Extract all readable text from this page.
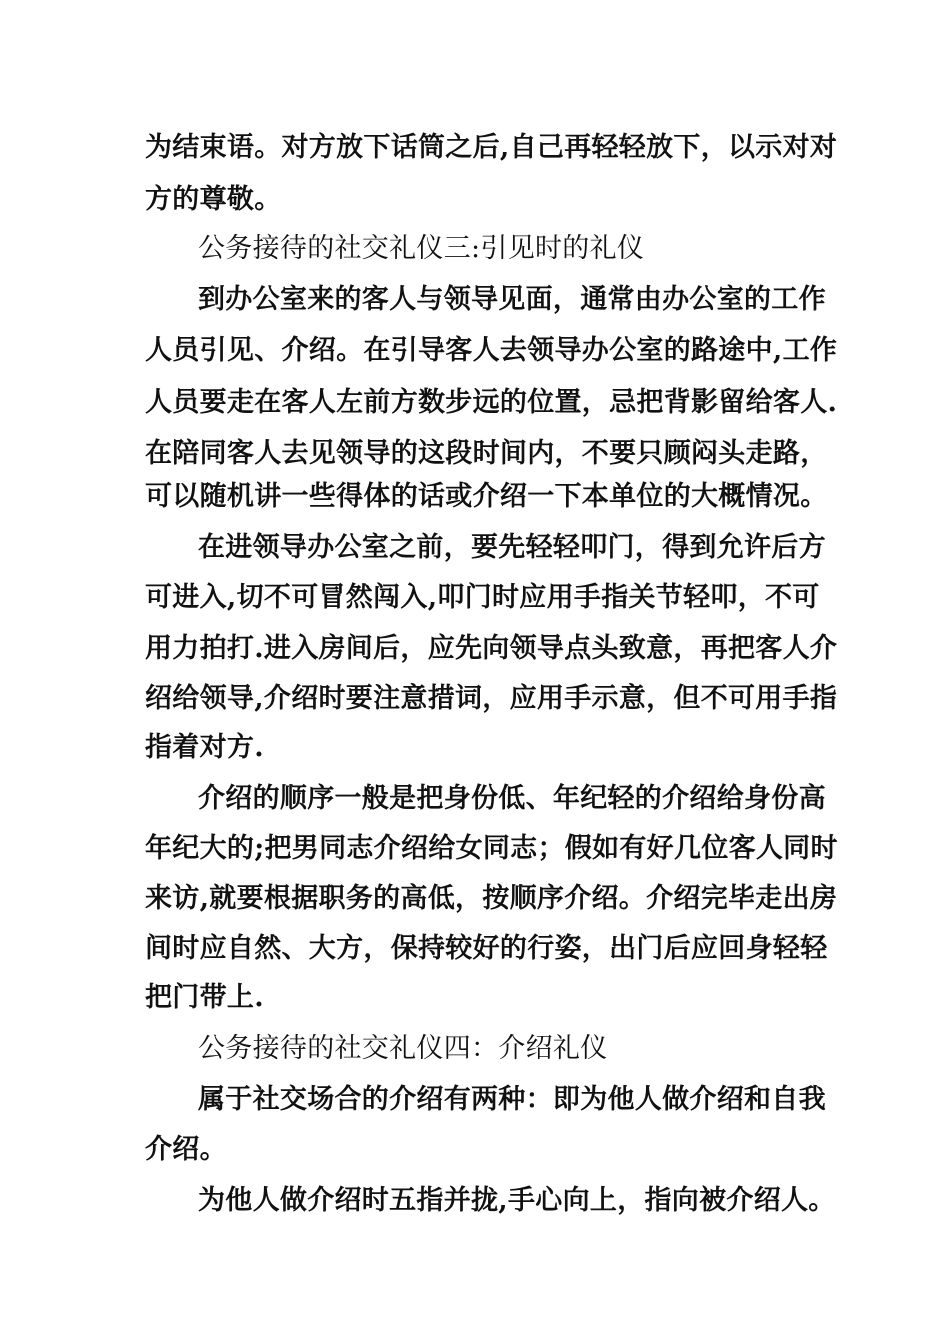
为结束语。对方放下话筒之后,自己再轻轻放下，以示对对
方的尊敬。
公务接待的社交礼仪三:引见时的礼仪
到办公室来的客人与领导见面，通常由办公室的工作
人员引见、介绍。在引导客人去领导办公室的路途中,工作
人员要走在客人左前方数步远的位置，忌把背影留给客人.
在陪同客人去见领导的这段时间内，不要只顾闷头走路，
可以随机讲一些得体的话或介绍一下本单位的大概情况。
在进领导办公室之前，要先轻轻叩门，得到允许后方
可进入,切不可冒然闯入,叩门时应用手指关节轻叩，不可
用力拍打.进入房间后，应先向领导点头致意，再把客人介
绍给领导,介绍时要注意措词，应用手示意，但不可用手指
指着对方.
介绍的顺序一般是把身份低、年纪轻的介绍给身份高
年纪大的;把男同志介绍给女同志；假如有好几位客人同时
来访,就要根据职务的高低，按顺序介绍。介绍完毕走出房
间时应自然、大方，保持较好的行姿，出门后应回身轻轻
把门带上.
公务接待的社交礼仪四：介绍礼仪
属于社交场合的介绍有两种：即为他人做介绍和自我
介绍。
为他人做介绍时五指并拢,手心向上，指向被介绍人。
